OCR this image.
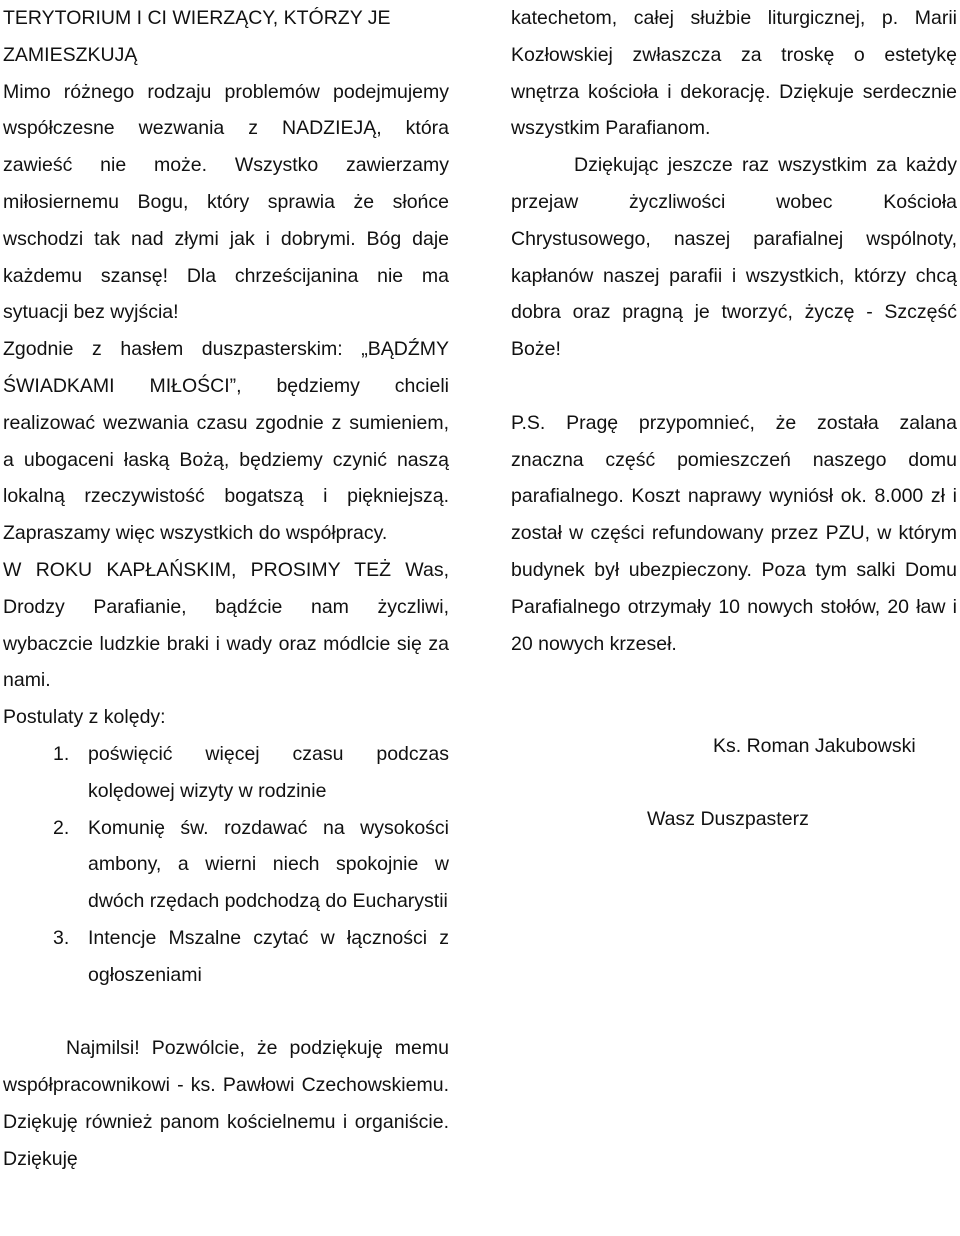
TERYTORIUM I CI WIERZĄCY, KTÓRZY JE ZAMIESZKUJĄ

Mimo różnego rodzaju problemów podejmujemy współczesne wezwania z NADZIEJĄ, która zawieść nie może. Wszystko zawierzamy miłosiernemu Bogu, który sprawia że słońce wschodzi tak nad złymi jak i dobrymi. Bóg daje każdemu szansę! Dla chrześcijanina nie ma sytuacji bez wyjścia!

Zgodnie z hasłem duszpasterskim: „BĄDŹMY ŚWIADKAMI MIŁOŚCI”, będziemy chcieli realizować wezwania czasu zgodnie z sumieniem, a ubogaceni łaską Bożą, będziemy czynić naszą lokalną rzeczywistość bogatszą i piękniejszą. Zapraszamy więc wszystkich do współpracy.

W ROKU KAPŁAŃSKIM, PROSIMY TEŻ Was, Drodzy Parafianie, bądźcie nam życzliwi, wybaczcie ludzkie braki i wady oraz módlcie się za nami.

Postulaty z kolędy:

1. poświęcić więcej czasu podczas kolędowej wizyty w rodzinie
2. Komunię św. rozdawać na wysokości ambony, a wierni niech spokojnie w dwóch rzędach podchodzą do Eucharystii
3. Intencje Mszalne czytać w łączności z ogłoszeniami

Najmilsi! Pozwólcie, że podziękuję memu współpracownikowi - ks. Pawłowi Czechowskiemu. Dziękuję również panom kościelnemu i organiście. Dziękuję

katechetom, całej służbie liturgicznej, p. Marii Kozłowskiej zwłaszcza za troskę o estetykę wnętrza kościoła i dekorację. Dziękuje serdecznie wszystkim Parafianom.

Dziękując jeszcze raz wszystkim za każdy przejaw życzliwości wobec Kościoła Chrystusowego, naszej parafialnej wspólnoty, kapłanów naszej parafii i wszystkich, którzy chcą dobra oraz pragną je tworzyć, życzę - Szczęść Boże!

P.S. Pragę przypomnieć, że została zalana znaczna część pomieszczeń naszego domu parafialnego. Koszt naprawy wyniósł ok. 8.000 zł i został w części refundowany przez PZU, w którym budynek był ubezpieczony. Poza tym salki Domu Parafialnego otrzymały 10 nowych stołów, 20 ław i 20 nowych krzeseł.

Ks. Roman Jakubowski
Wasz Duszpasterz
